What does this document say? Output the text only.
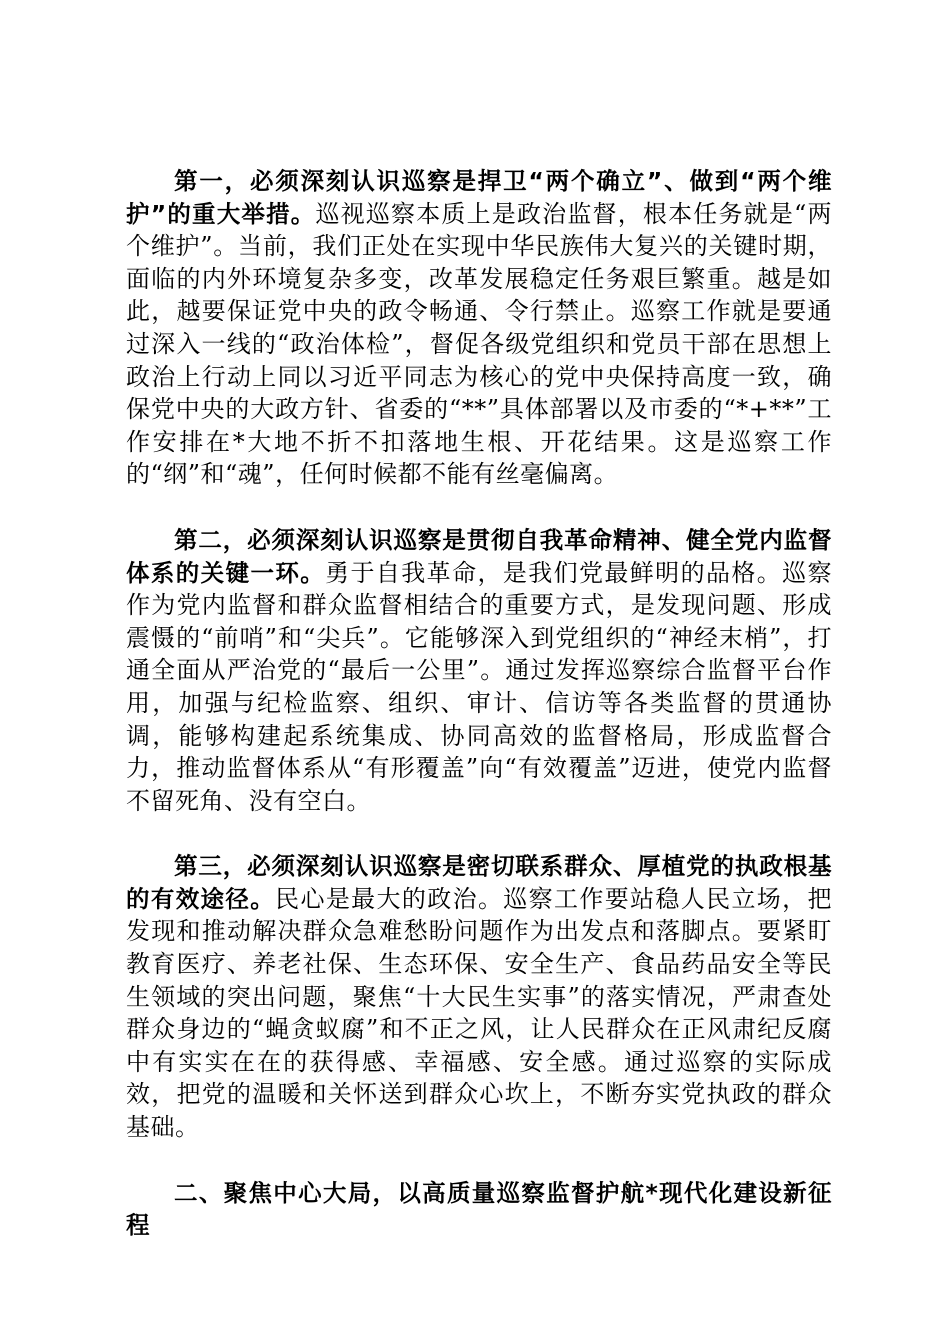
第一，必须深刻认识巡察是捍卫“两个确立”、做到“两个维护”的重大举措。巡视巡察本质上是政治监督，根本任务就是“两个维护”。当前，我们正处在实现中华民族伟大复兴的关键时期，面临的内外环境复杂多变，改革发展稳定任务艰巨繁重。越是如此，越要保证党中央的政令畅通、令行禁止。巡察工作就是要通过深入一线的“政治体检”，督促各级党组织和党员干部在思想上政治上行动上同以习近平同志为核心的党中央保持高度一致，确保党中央的大政方针、省委的“**”具体部署以及市委的“*+**”工作安排在*大地不折不扣落地生根、开花结果。这是巡察工作的“纲”和“魂”，任何时候都不能有丝毫偏离。

第二，必须深刻认识巡察是贯彻自我革命精神、健全党内监督体系的关键一环。勇于自我革命，是我们党最鲜明的品格。巡察作为党内监督和群众监督相结合的重要方式，是发现问题、形成震慑的“前哨”和“尖兵”。它能够深入到党组织的“神经末梢”，打通全面从严治党的“最后一公里”。通过发挥巡察综合监督平台作用，加强与纪检监察、组织、审计、信访等各类监督的贯通协调，能够构建起系统集成、协同高效的监督格局，形成监督合力，推动监督体系从“有形覆盖”向“有效覆盖”迈进，使党内监督不留死角、没有空白。

第三，必须深刻认识巡察是密切联系群众、厚植党的执政根基的有效途径。民心是最大的政治。巡察工作要站稳人民立场，把发现和推动解决群众急难愁盼问题作为出发点和落脚点。要紧盯教育医疗、养老社保、生态环保、安全生产、食品药品安全等民生领域的突出问题，聚焦“十大民生实事”的落实情况，严肃查处群众身边的“蝇贪蚁腐”和不正之风，让人民群众在正风肃纪反腐中有实实在在的获得感、幸福感、安全感。通过巡察的实际成效，把党的温暖和关怀送到群众心坎上，不断夯实党执政的群众基础。

二、聚焦中心大局，以高质量巡察监督护航*现代化建设新征程
